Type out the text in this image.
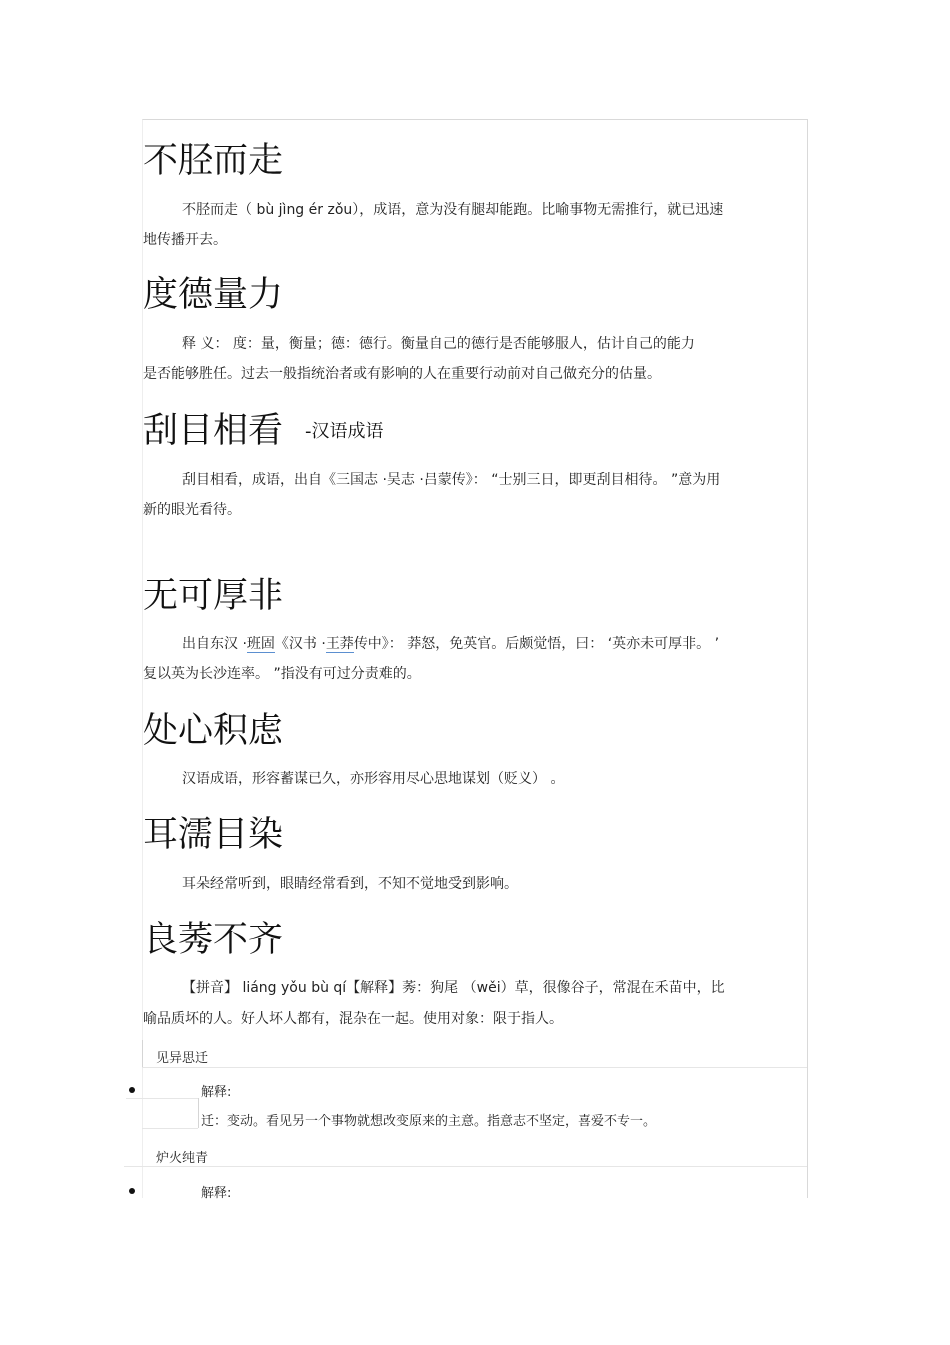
不胫而走

不胫而走（ bù jìng ér zǒu），成语，意为没有腿却能跑。比喻事物无需推行，就已迅速

地传播开去。

度德量力

释 义： 度：量，衡量；德：德行。衡量自己的德行是否能够服人，估计自己的能力

是否能够胜任。过去一般指统治者或有影响的人在重要行动前对自己做充分的估量。

刮目相看 -汉语成语

刮目相看，成语，出自《三国志 ·吴志 ·吕蒙传》： “士别三日，即更刮目相待。 ”意为用

新的眼光看待。

无可厚非

出自东汉 ·班固《汉书 ·王莽传中》： 莽怒，免英官。后颇觉悟，曰： ‘英亦未可厚非。 ’

复以英为长沙连率。 ”指没有可过分责难的。

处心积虑

汉语成语，形容蓄谋已久，亦形容用尽心思地谋划（贬义） 。

耳濡目染

耳朵经常听到，眼睛经常看到，不知不觉地受到影响。

良莠不齐

【拼音】 liáng yǒu bù qí【解释】莠：狗尾 （wěi）草，很像谷子，常混在禾苗中，比

喻品质坏的人。好人坏人都有，混杂在一起。使用对象：限于指人。

见异思迁
解释:
迁：变动。看见另一个事物就想改变原来的主意。指意志不坚定，喜爱不专一。
炉火纯青
解释:
